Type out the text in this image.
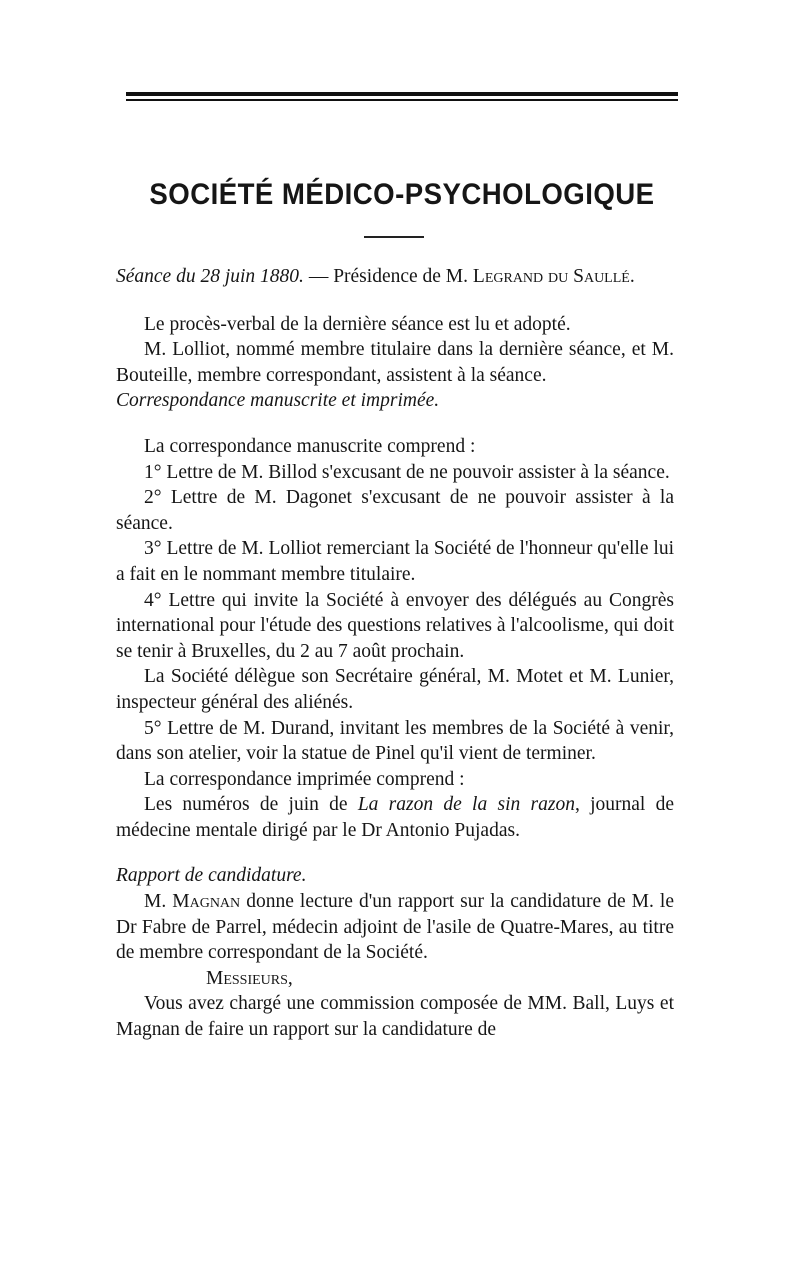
SOCIÉTÉ MÉDICO-PSYCHOLOGIQUE

Séance du 28 juin 1880. — Présidence de M. Legrand du Saullé.

Le procès-verbal de la dernière séance est lu et adopté.

M. Lolliot, nommé membre titulaire dans la dernière séance, et M. Bouteille, membre correspondant, assistent à la séance.

Correspondance manuscrite et imprimée.

La correspondance manuscrite comprend :

1° Lettre de M. Billod s'excusant de ne pouvoir assister à la séance.

2° Lettre de M. Dagonet s'excusant de ne pouvoir assister à la séance.

3° Lettre de M. Lolliot remerciant la Société de l'honneur qu'elle lui a fait en le nommant membre titulaire.

4° Lettre qui invite la Société à envoyer des délégués au Congrès international pour l'étude des questions relatives à l'alcoolisme, qui doit se tenir à Bruxelles, du 2 au 7 août prochain.

La Société délègue son Secrétaire général, M. Motet et M. Lunier, inspecteur général des aliénés.

5° Lettre de M. Durand, invitant les membres de la Société à venir, dans son atelier, voir la statue de Pinel qu'il vient de terminer.

La correspondance imprimée comprend :

Les numéros de juin de La razon de la sin razon, journal de médecine mentale dirigé par le Dr Antonio Pujadas.

Rapport de candidature.

M. Magnan donne lecture d'un rapport sur la candidature de M. le Dr Fabre de Parrel, médecin adjoint de l'asile de Quatre-Mares, au titre de membre correspondant de la Société.

Messieurs,

Vous avez chargé une commission composée de MM. Ball, Luys et Magnan de faire un rapport sur la candidature de
